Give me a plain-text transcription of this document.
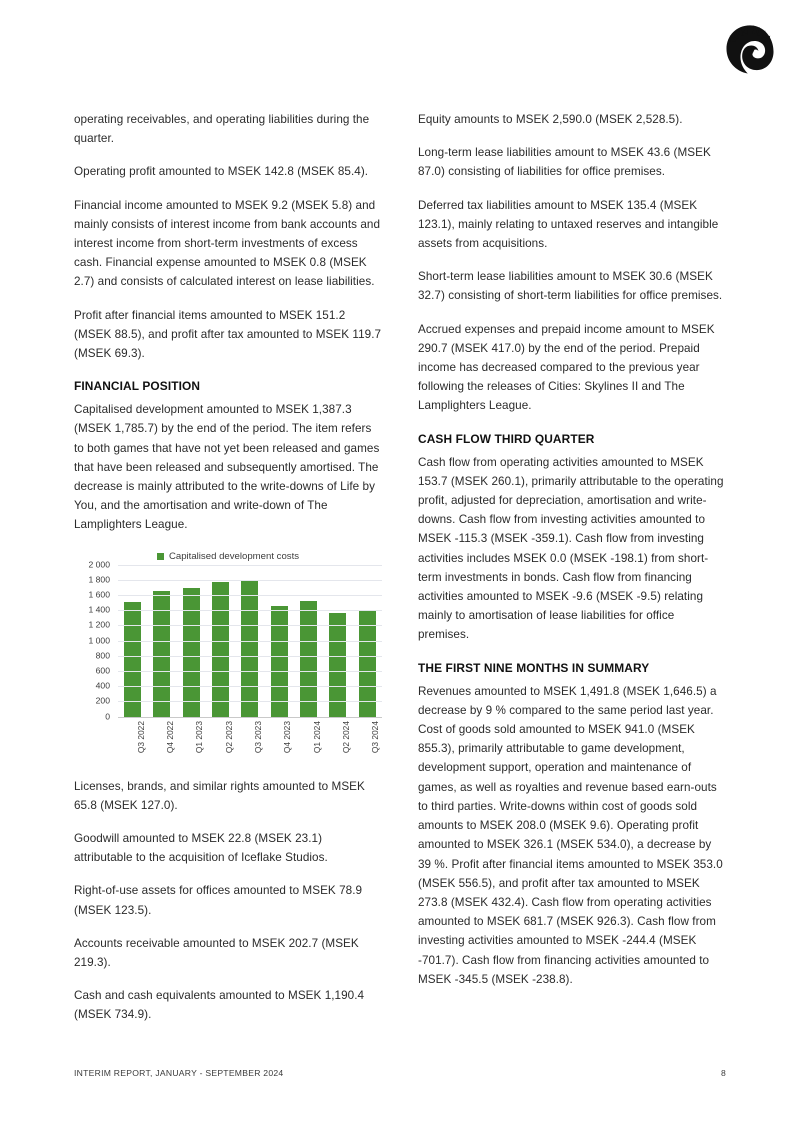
operating receivables, and operating liabilities during the quarter.

Operating profit amounted to MSEK 142.8 (MSEK 85.4).

Financial income amounted to MSEK 9.2 (MSEK 5.8) and mainly consists of interest income from bank accounts and interest income from short-term investments of excess cash. Financial expense amounted to MSEK 0.8 (MSEK 2.7) and consists of calculated interest on lease liabilities.

Profit after financial items amounted to MSEK 151.2 (MSEK 88.5), and profit after tax amounted to MSEK 119.7 (MSEK 69.3).

FINANCIAL POSITION

Capitalised development amounted to MSEK 1,387.3 (MSEK 1,785.7) by the end of the period. The item refers to both games that have not yet been released and games that have been released and subsequently amortised. The decrease is mainly attributed to the write-downs of Life by You, and the amortisation and write-down of The Lamplighters League.

Capitalised development costs
2 000
1 800
1 600
1 400
1 200
1 000
800
600
400
200
0
Q3 2022 Q4 2022 Q1 2023 Q2 2023 Q3 2023 Q4 2023 Q1 2024 Q2 2024 Q3 2024

Licenses, brands, and similar rights amounted to MSEK 65.8 (MSEK 127.0).

Goodwill amounted to MSEK 22.8 (MSEK 23.1) attributable to the acquisition of Iceflake Studios.

Right-of-use assets for offices amounted to MSEK 78.9 (MSEK 123.5).

Accounts receivable amounted to MSEK 202.7 (MSEK 219.3).

Cash and cash equivalents amounted to MSEK 1,190.4 (MSEK 734.9).

Equity amounts to MSEK 2,590.0 (MSEK 2,528.5).

Long-term lease liabilities amount to MSEK 43.6 (MSEK 87.0) consisting of liabilities for office premises.

Deferred tax liabilities amount to MSEK 135.4 (MSEK 123.1), mainly relating to untaxed reserves and intangible assets from acquisitions.

Short-term lease liabilities amount to MSEK 30.6 (MSEK 32.7) consisting of short-term liabilities for office premises.

Accrued expenses and prepaid income amount to MSEK 290.7 (MSEK 417.0) by the end of the period. Prepaid income has decreased compared to the previous year following the releases of Cities: Skylines II and The Lamplighters League.

CASH FLOW THIRD QUARTER

Cash flow from operating activities amounted to MSEK 153.7 (MSEK 260.1), primarily attributable to the operating profit, adjusted for depreciation, amortisation and write-downs. Cash flow from investing activities amounted to MSEK -115.3 (MSEK -359.1). Cash flow from investing activities includes MSEK 0.0 (MSEK -198.1) from short-term investments in bonds. Cash flow from financing activities amounted to MSEK -9.6 (MSEK -9.5) relating mainly to amortisation of lease liabilities for office premises.

THE FIRST NINE MONTHS IN SUMMARY

Revenues amounted to MSEK 1,491.8 (MSEK 1,646.5) a decrease by 9 % compared to the same period last year. Cost of goods sold amounted to MSEK 941.0 (MSEK 855.3), primarily attributable to game development, development support, operation and maintenance of games, as well as royalties and revenue based earn-outs to third parties. Write-downs within cost of goods sold amounts to MSEK 208.0 (MSEK 9.6). Operating profit amounted to MSEK 326.1 (MSEK 534.0), a decrease by 39 %. Profit after financial items amounted to MSEK 353.0 (MSEK 556.5), and profit after tax amounted to MSEK 273.8 (MSEK 432.4). Cash flow from operating activities amounted to MSEK 681.7 (MSEK 926.3). Cash flow from investing activities amounted to MSEK -244.4 (MSEK -701.7). Cash flow from financing activities amounted to MSEK -345.5 (MSEK -238.8).

INTERIM REPORT, JANUARY - SEPTEMBER 2024	8
